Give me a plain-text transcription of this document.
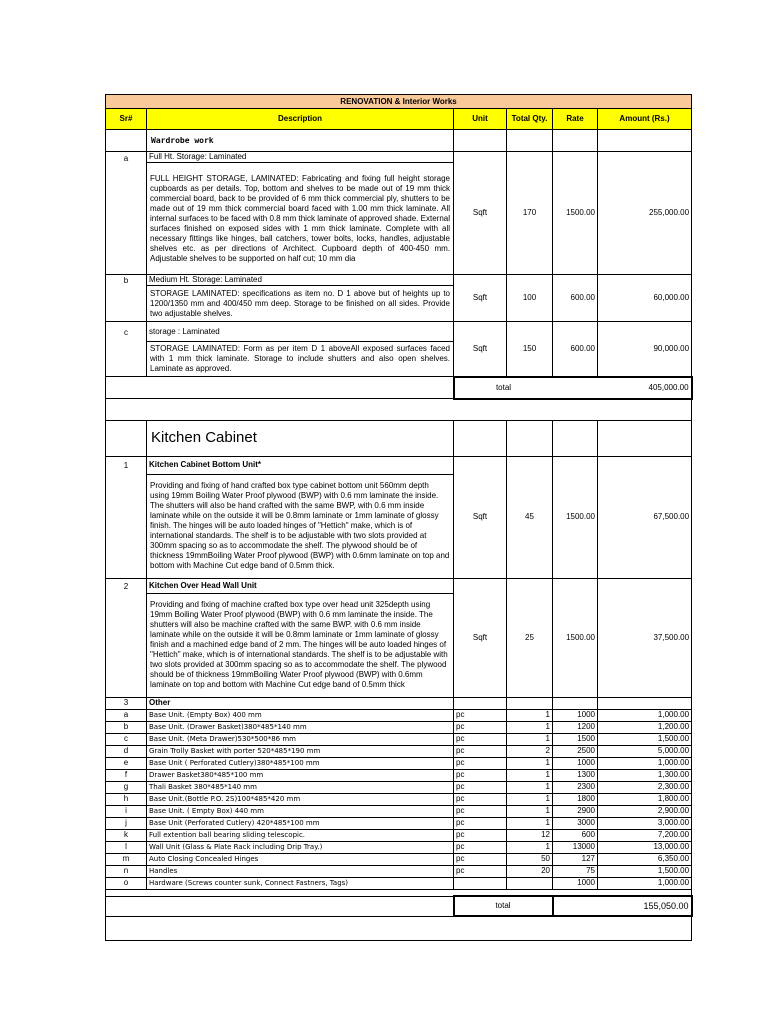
RENOVATION & Interior Works					
Sr#	Description	Unit	Total Qty.	Rate	Amount (Rs.)
	Wardrobe work				
a	Full Ht. Storage: Laminated	Sqft	170	1500.00	255,000.00
	FULL HEIGHT STORAGE, LAMINATED: Fabricating and fixing full height storage cupboards as per details. Top, bottom and shelves to be made out of 19 mm thick commercial board, back to be provided of 6 mm thick commercial ply, shutters to be made out of 19 mm thick commercial board faced with 1.00 mm thick laminate. All internal surfaces to be faced with 0.8 mm thick laminate of approved shade. External surfaces finished on exposed sides with 1 mm thick laminate. Complete with all necessary fittings like hinges, ball catchers, tower bolts, locks, handles, adjustable shelves etc. as per directions of Architect. Cupboard depth of 400-450 mm. Adjustable shelves to be supported on half cut; 10 mm dia				
b	Medium Ht. Storage: Laminated	Sqft	100	600.00	60,000.00
	STORAGE LAMINATED: specifications as item no. D 1 above but of heights up to 1200/1350 mm and 400/450 mm deep. Storage to be finished on all sides. Provide two adjustable shelves.				
c	storage : Laminated	Sqft	150	600.00	90,000.00
	STORAGE LAMINATED: Form as per item D 1 aboveAll exposed surfaces faced with 1 mm thick laminate. Storage to include shutters and also open shelves. Laminate as approved.				
		total		405,000.00	

	Kitchen Cabinet				
1	Kitchen Cabinet Bottom Unit*	Sqft	45	1500.00	67,500.00
	Providing and fixing of hand crafted box type cabinet bottom unit 560mm depth using 19mm Boiling Water Proof plywood (BWP) with 0.6 mm laminate the inside. The shutters will also be hand crafted with the same BWP, with 0.6 mm inside laminate while on the outside it will be 0.8mm laminate or 1mm laminate of glossy finish. The hinges will be auto loaded hinges of "Hettich" make, which is of international standards. The shelf is to be adjustable with two slots provided at 300mm spacing so as to accommodate the shelf. The plywood should be of thickness 19mmBoiling Water Proof plywood (BWP) with 0.6mm laminate on top and bottom with Machine Cut edge band of 0.5mm thick.				
2	Kitchen Over Head Wall Unit	Sqft	25	1500.00	37,500.00
	Providing and fixing of machine crafted box type over head unit 325depth using 19mm Boiling Water Proof plywood (BWP) with 0.6 mm laminate the inside. The shutters will also be machine crafted with the same BWP. with 0.6 mm inside laminate while on the outside it will be 0.8mm laminate or 1mm laminate of glossy finish and a machined edge band of 2 mm. The hinges will be auto loaded hinges of "Hettich" make, which is of international standards. The shelf is to be adjustable with two slots provided at 300mm spacing so as to accommodate the shelf. The plywood should be of thickness 19mmBoiling Water Proof plywood (BWP) with 0.6mm laminate on top and bottom with Machine Cut edge band of 0.5mm thick				
3	Other				
a	Base Unit. (Empty Box) 400 mm	pc	1	1000	1,000.00
b	Base Unit. (Drawer Basket)380*485*140 mm	pc	1	1200	1,200.00
c	Base Unit. (Meta Drawer)530*500*86 mm	pc	1	1500	1,500.00
d	Grain Trolly Basket with porter 520*485*190 mm	pc	2	2500	5,000.00
e	Base Unit ( Perforated Cutlery)380*485*100 mm	pc	1	1000	1,000.00
f	Drawer Basket380*485*100 mm	pc	1	1300	1,300.00
g	Thali Basket 380*485*140 mm	pc	1	2300	2,300.00
h	Base Unit.(Bottle P.O. 2S)100*485*420 mm	pc	1	1800	1,800.00
i	Base Unit. ( Empty Box) 440 mm	pc	1	2900	2,900.00
j	Base Unit (Perforated Cutlery) 420*485*100 mm	pc	1	3000	3,000.00
k	Full extention ball bearing sliding telescopic.	pc	12	600	7,200.00
l	Wall Unit (Glass & Plate Rack including Drip Tray.)	pc	1	13000	13,000.00
m	Auto Closing Concealed Hinges	pc	50	127	6,350.00
n	Handles	pc	20	75	1,500.00
o	Hardware (Screws counter sunk, Connect Fastners, Tags)			1000	1,000.00

		total		155,050.00	
